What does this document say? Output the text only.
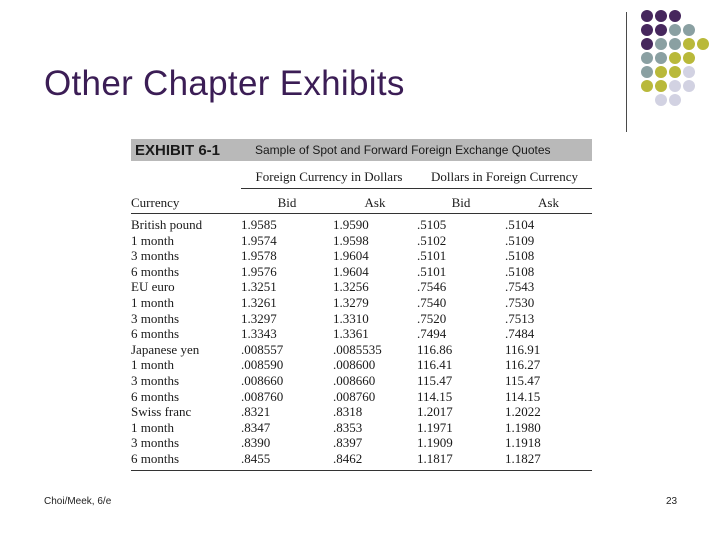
Other Chapter Exhibits
EXHIBIT 6-1	Sample of Spot and Forward Foreign Exchange Quotes
	Foreign Currency in Dollars		Dollars in Foreign Currency	
Currency	Bid	Ask	Bid	Ask
British pound	1.9585	1.9590	.5105	.5104
1 month	1.9574	1.9598	.5102	.5109
3 months	1.9578	1.9604	.5101	.5108
6 months	1.9576	1.9604	.5101	.5108
EU euro	1.3251	1.3256	.7546	.7543
1 month	1.3261	1.3279	.7540	.7530
3 months	1.3297	1.3310	.7520	.7513
6 months	1.3343	1.3361	.7494	.7484
Japanese yen	.008557	.0085535	116.86	116.91
1 month	.008590	.008600	116.41	116.27
3 months	.008660	.008660	115.47	115.47
6 months	.008760	.008760	114.15	114.15
Swiss franc	.8321	.8318	1.2017	1.2022
1 month	.8347	.8353	1.1971	1.1980
3 months	.8390	.8397	1.1909	1.1918
6 months	.8455	.8462	1.1817	1.1827
Choi/Meek, 6/e	23
